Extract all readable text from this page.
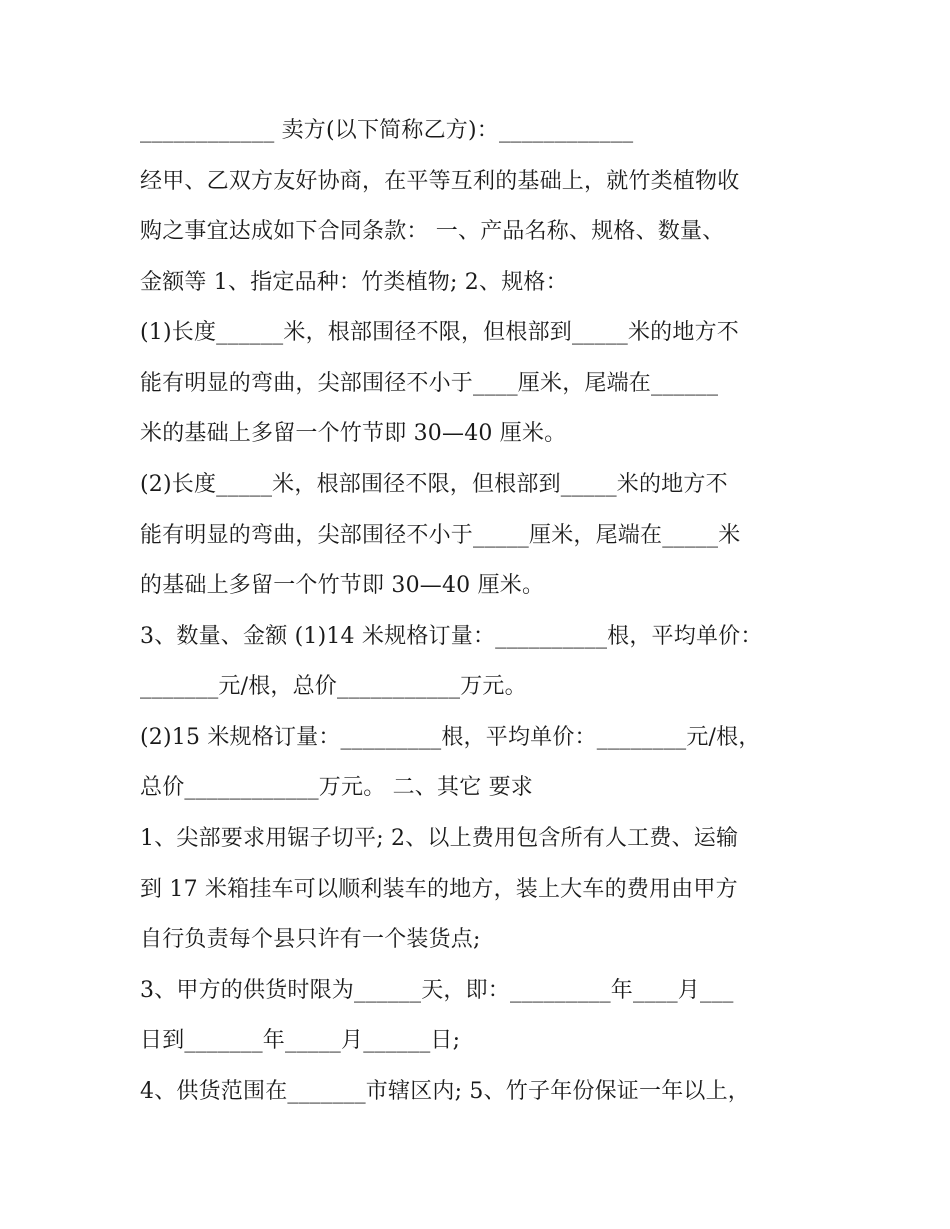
____________ 卖方(以下简称乙方)：____________
经甲、乙双方友好协商，在平等互利的基础上，就竹类植物收
购之事宜达成如下合同条款： 一、产品名称、规格、数量、
金额等 1、指定品种：竹类植物; 2、规格：
(1)长度______米，根部围径不限，但根部到_____米的地方不
能有明显的弯曲，尖部围径不小于____厘米，尾端在______
米的基础上多留一个竹节即 30—40 厘米。
(2)长度_____米，根部围径不限，但根部到_____米的地方不
能有明显的弯曲，尖部围径不小于_____厘米，尾端在_____米
的基础上多留一个竹节即 30—40 厘米。
3、数量、金额 (1)14 米规格订量：__________根，平均单价：
_______元/根，总价___________万元。
(2)15 米规格订量：_________根，平均单价：________元/根，
总价____________万元。 二、其它 要求
1、尖部要求用锯子切平; 2、以上费用包含所有人工费、运输
到 17 米箱挂车可以顺利装车的地方，装上大车的费用由甲方
自行负责每个县只许有一个装货点;
3、甲方的供货时限为______天，即：_________年____月___
日到_______年_____月______日;
4、供货范围在_______市辖区内; 5、竹子年份保证一年以上，
